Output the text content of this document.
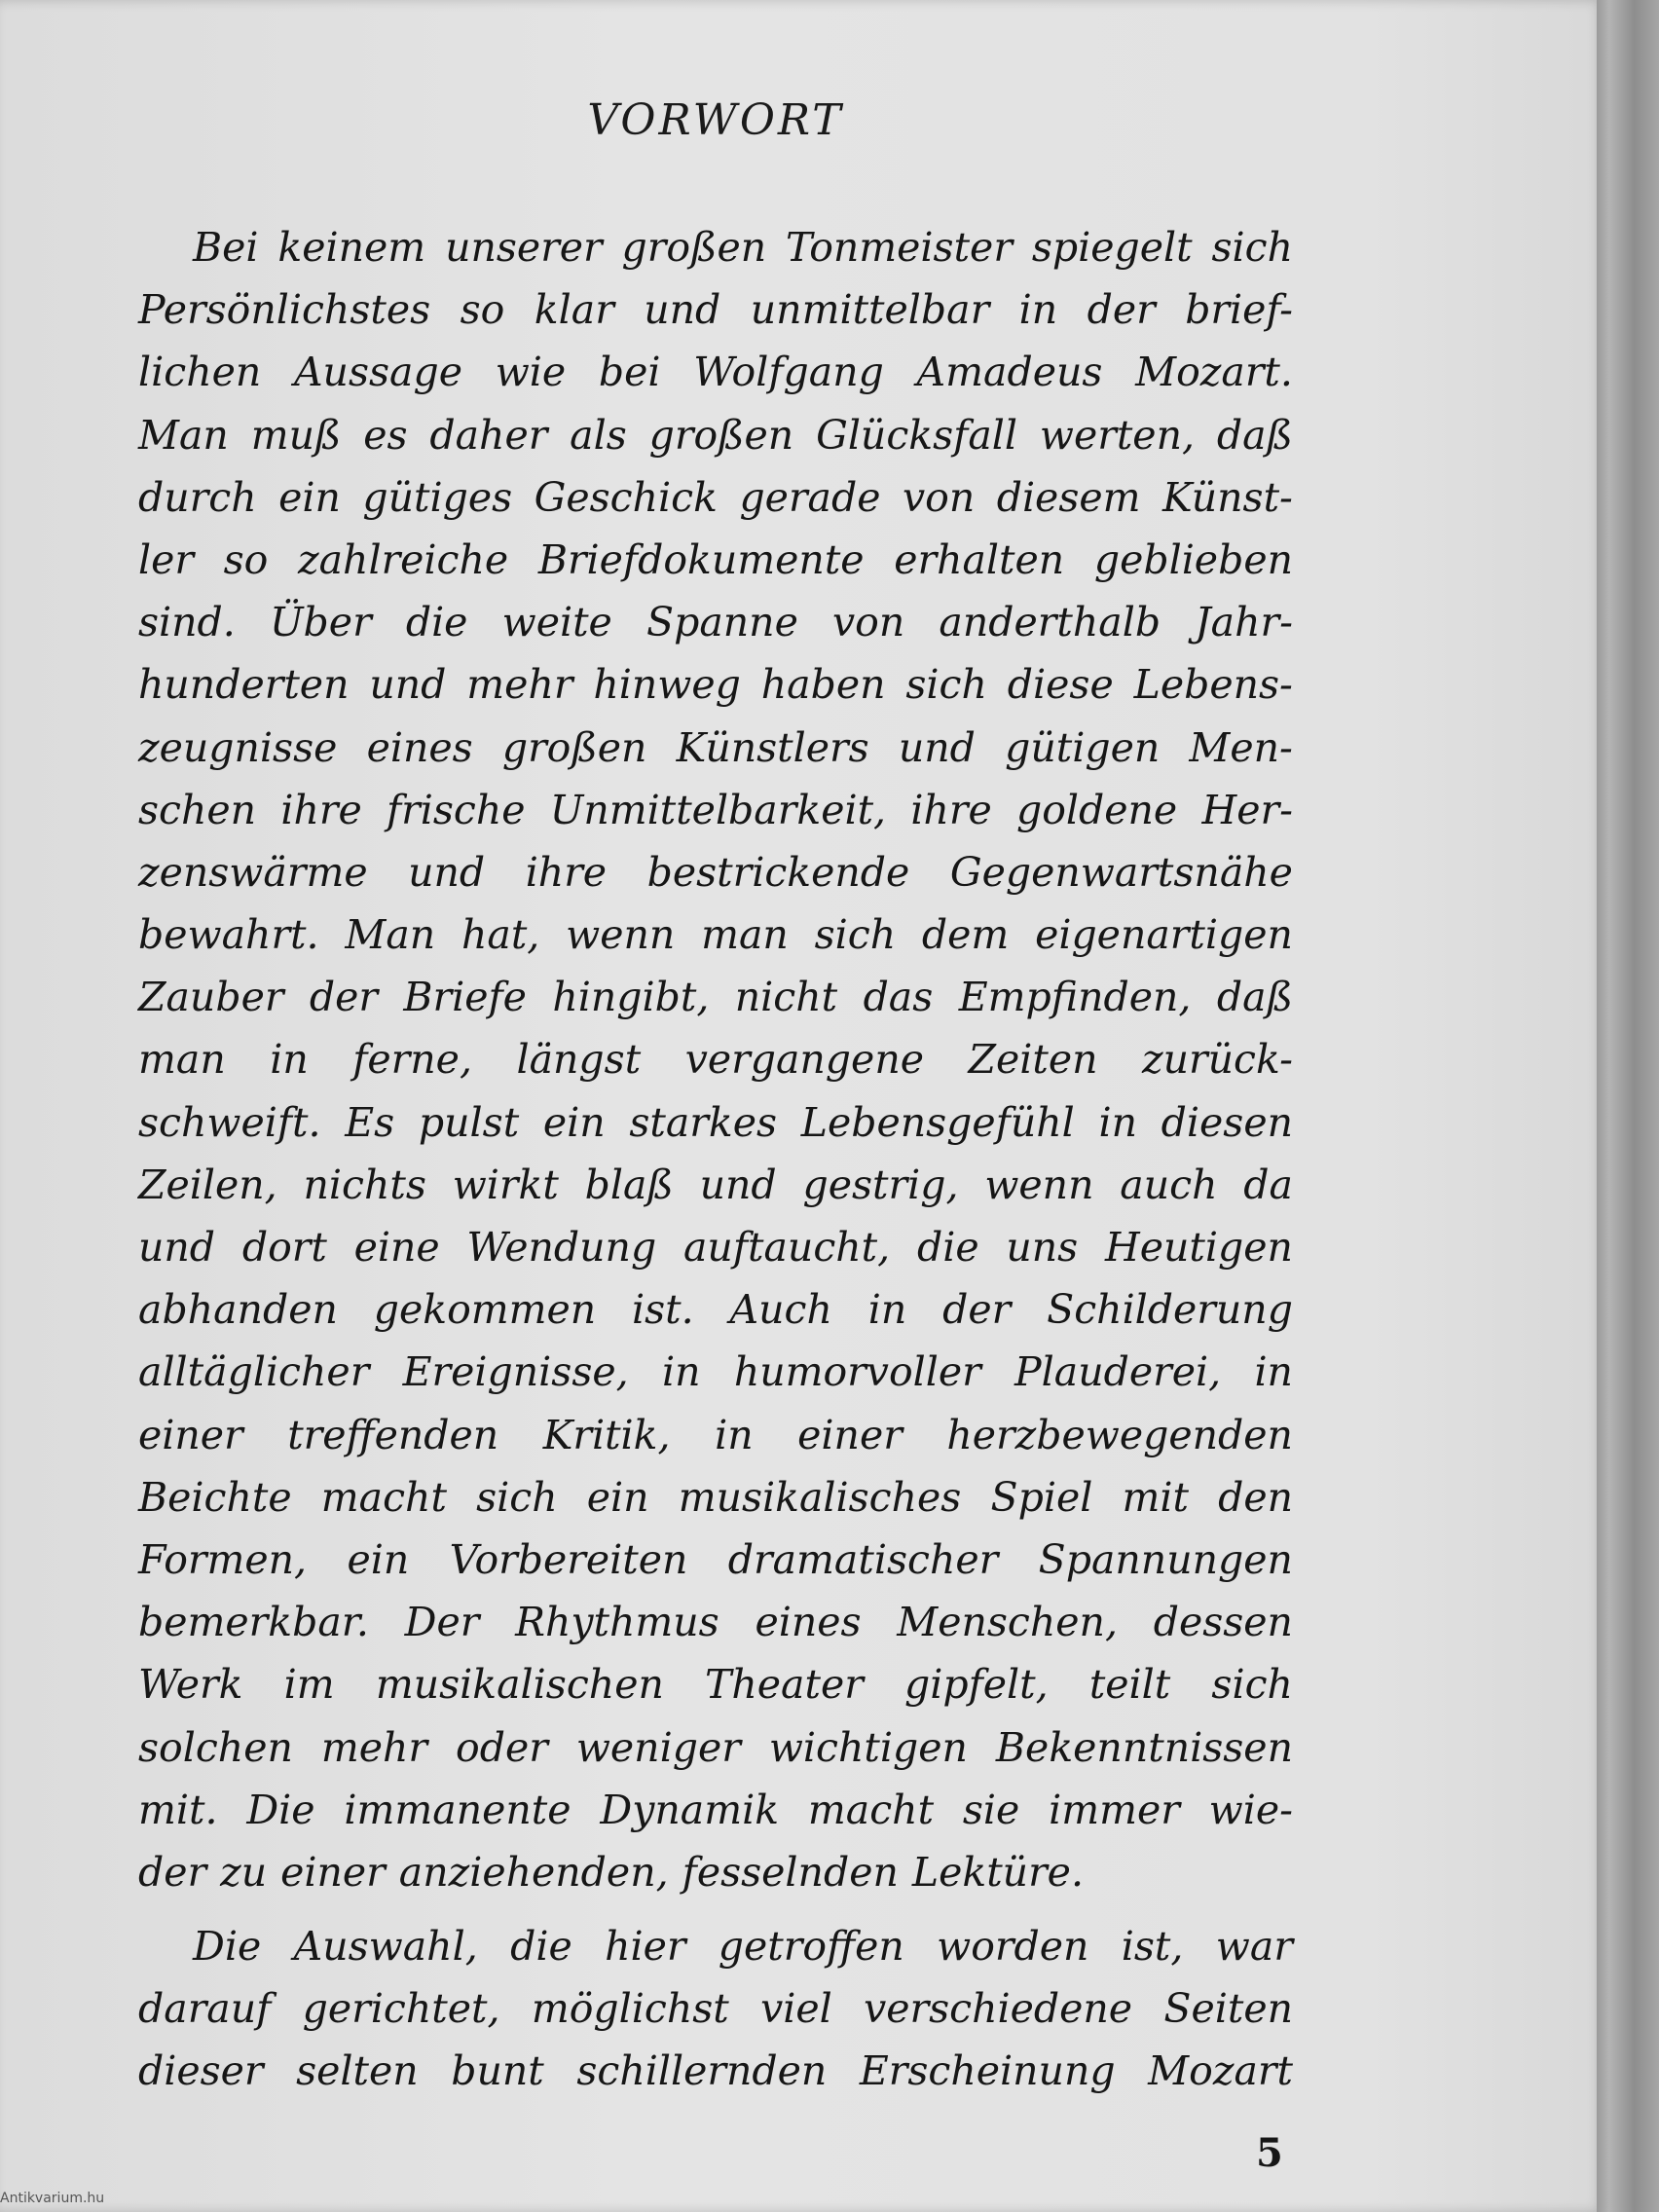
VORWORT
Bei keinem unserer großen Tonmeister spiegelt sich
Persönlichstes so klar und unmittelbar in der brief-
lichen Aussage wie bei Wolfgang Amadeus Mozart.
Man muß es daher als großen Glücksfall werten, daß
durch ein gütiges Geschick gerade von diesem Künst-
ler so zahlreiche Briefdokumente erhalten geblieben
sind. Über die weite Spanne von anderthalb Jahr-
hunderten und mehr hinweg haben sich diese Lebens-
zeugnisse eines großen Künstlers und gütigen Men-
schen ihre frische Unmittelbarkeit, ihre goldene Her-
zenswärme und ihre bestrickende Gegenwartsnähe
bewahrt. Man hat, wenn man sich dem eigenartigen
Zauber der Briefe hingibt, nicht das Empfinden, daß
man in ferne, längst vergangene Zeiten zurück-
schweift. Es pulst ein starkes Lebensgefühl in diesen
Zeilen, nichts wirkt blaß und gestrig, wenn auch da
und dort eine Wendung auftaucht, die uns Heutigen
abhanden gekommen ist. Auch in der Schilderung
alltäglicher Ereignisse, in humorvoller Plauderei, in
einer treffenden Kritik, in einer herzbewegenden
Beichte macht sich ein musikalisches Spiel mit den
Formen, ein Vorbereiten dramatischer Spannungen
bemerkbar. Der Rhythmus eines Menschen, dessen
Werk im musikalischen Theater gipfelt, teilt sich
solchen mehr oder weniger wichtigen Bekenntnissen
mit. Die immanente Dynamik macht sie immer wie-
der zu einer anziehenden, fesselnden Lektüre.
Die Auswahl, die hier getroffen worden ist, war
darauf gerichtet, möglichst viel verschiedene Seiten
dieser selten bunt schillernden Erscheinung Mozart
5
Antikvarium.hu
